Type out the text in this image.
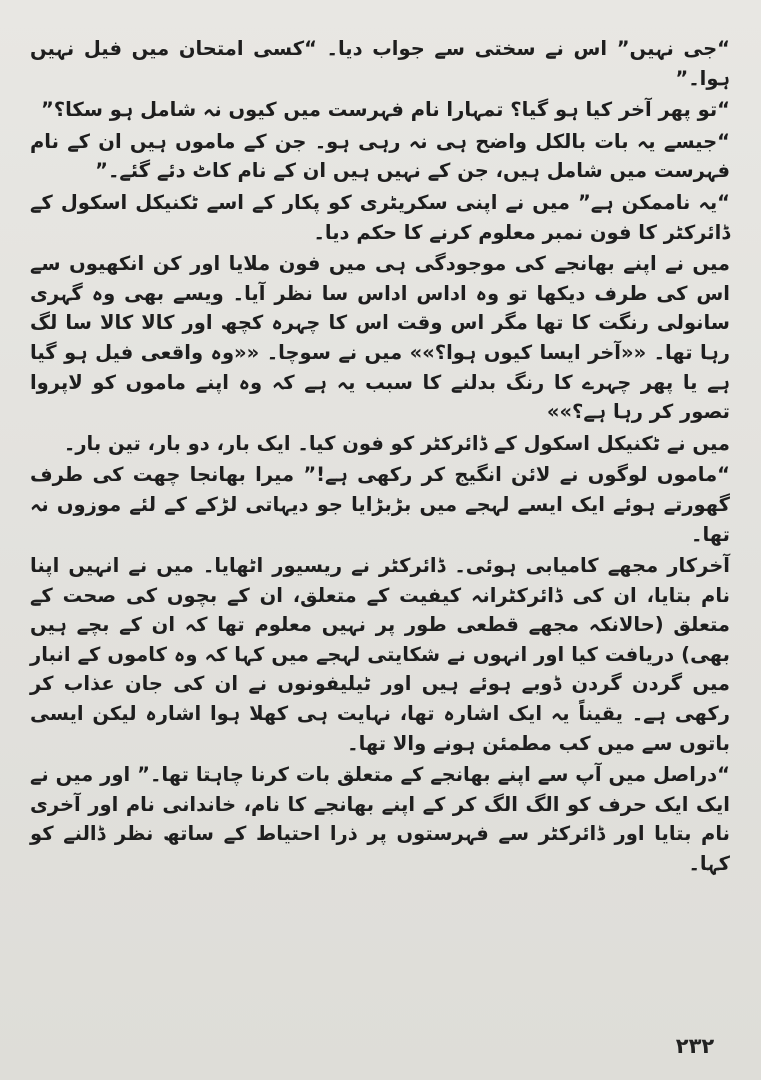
“جی نہیں” اس نے سختی سے جواب دیا۔ “کسی امتحان میں فیل نہیں ہوا۔”

“تو پھر آخر کیا ہو گیا؟ تمہارا نام فہرست میں کیوں نہ شامل ہو سکا؟”

“جیسے یہ بات بالکل واضح ہی نہ رہی ہو۔ جن کے ماموں ہیں ان کے نام فہرست میں شامل ہیں، جن کے نہیں ہیں ان کے نام کاٹ دئے گئے۔”

“یہ ناممکن ہے” میں نے اپنی سکریٹری کو پکار کے اسے ٹکنیکل اسکول کے ڈائرکٹر کا فون نمبر معلوم کرنے کا حکم دیا۔

میں نے اپنے بھانجے کی موجودگی ہی میں فون ملایا اور کن انکھیوں سے اس کی طرف دیکھا تو وہ اداس اداس سا نظر آیا۔ ویسے بھی وہ گہری سانولی رنگت کا تھا مگر اس وقت اس کا چہرہ کچھ اور کالا کالا سا لگ رہا تھا۔ ««آخر ایسا کیوں ہوا؟»» میں نے سوچا۔ ««وہ واقعی فیل ہو گیا ہے یا پھر چہرے کا رنگ بدلنے کا سبب یہ ہے کہ وہ اپنے ماموں کو لاپروا تصور کر رہا ہے؟»»

میں نے ٹکنیکل اسکول کے ڈائرکٹر کو فون کیا۔ ایک بار، دو بار، تین بار۔

“ماموں لوگوں نے لائن انگیج کر رکھی ہے!” میرا بھانجا چھت کی طرف گھورتے ہوئے ایک ایسے لہجے میں بڑبڑایا جو دیہاتی لڑکے کے لئے موزوں نہ تھا۔

آخرکار مجھے کامیابی ہوئی۔ ڈائرکٹر نے ریسیور اٹھایا۔ میں نے انہیں اپنا نام بتایا، ان کی ڈائرکٹرانہ کیفیت کے متعلق، ان کے بچوں کی صحت کے متعلق (حالانکہ مجھے قطعی طور پر نہیں معلوم تھا کہ ان کے بچے ہیں بھی) دریافت کیا اور انہوں نے شکایتی لہجے میں کہا کہ وہ کاموں کے انبار میں گردن گردن ڈوبے ہوئے ہیں اور ٹیلیفونوں نے ان کی جان عذاب کر رکھی ہے۔ یقیناً یہ ایک اشارہ تھا، نہایت ہی کھلا ہوا اشارہ لیکن ایسی باتوں سے میں کب مطمئن ہونے والا تھا۔

“دراصل میں آپ سے اپنے بھانجے کے متعلق بات کرنا چاہتا تھا۔” اور میں نے ایک ایک حرف کو الگ الگ کر کے اپنے بھانجے کا نام، خاندانی نام اور آخری نام بتایا اور ڈائرکٹر سے فہرستوں پر ذرا احتیاط کے ساتھ نظر ڈالنے کو کہا۔

۲۳۲
